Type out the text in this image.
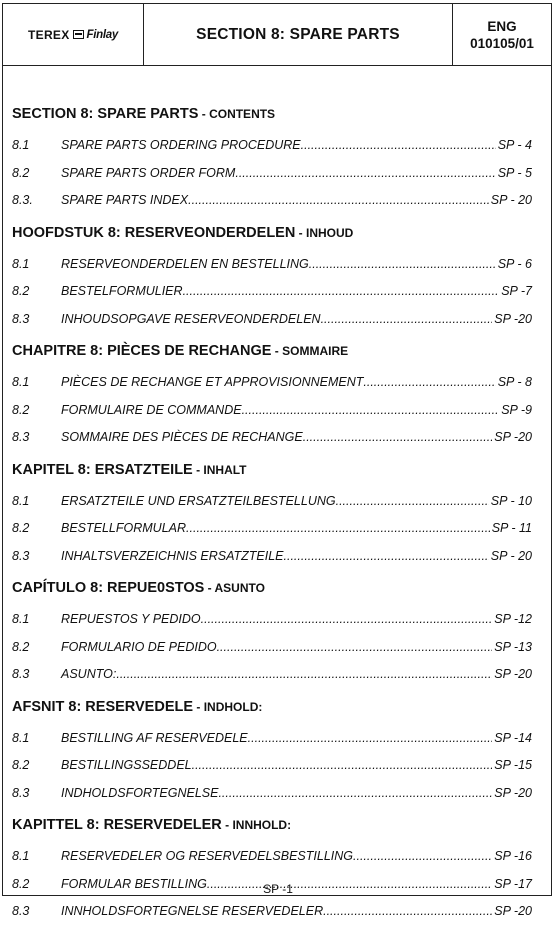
TEREX Finlay	SECTION 8: SPARE PARTS	ENG
010105/01
SECTION 8: SPARE PARTS - CONTENTS
8.1	SPARE PARTS ORDERING PROCEDURE .....	SP - 4
8.2	SPARE PARTS ORDER FORM .....	SP - 5
8.3.	SPARE PARTS INDEX .....	SP - 20
HOOFDSTUK 8: RESERVEONDERDELEN - INHOUD
8.1	RESERVEONDERDELEN EN BESTELLING .....	SP - 6
8.2	BESTELFORMULIER .....	SP -7
8.3	INHOUDSOPGAVE RESERVEONDERDELEN .....	SP -20
CHAPITRE 8: PIÈCES DE RECHANGE - SOMMAIRE
8.1	PIÈCES DE RECHANGE ET APPROVISIONNEMENT .....	SP - 8
8.2	FORMULAIRE DE COMMANDE .....	SP -9
8.3	SOMMAIRE DES PIÈCES DE RECHANGE .....	SP -20
KAPITEL 8: ERSATZTEILE - INHALT
8.1	ERSATZTEILE UND ERSATZTEILBESTELLUNG .....	SP - 10
8.2	BESTELLFORMULAR .....	SP - 11
8.3	INHALTSVERZEICHNIS ERSATZTEILE .....	SP - 20
CAPÍTULO 8: REPUE0STOS - ASUNTO
8.1	REPUESTOS Y PEDIDO .....	SP -12
8.2	FORMULARIO DE PEDIDO .....	SP -13
8.3	ASUNTO: .....	SP -20
AFSNIT 8: RESERVEDELE - INDHOLD:
8.1	BESTILLING AF RESERVEDELE .....	SP -14
8.2	BESTILLINGSSEDDEL .....	SP -15
8.3	INDHOLDSFORTEGNELSE .....	SP -20
KAPITTEL 8: RESERVEDELER - INNHOLD:
8.1	RESERVEDELER OG RESERVEDELSBESTILLING .....	SP -16
8.2	FORMULAR BESTILLING .....	SP -17
8.3	INNHOLDSFORTEGNELSE RESERVEDELER .....	SP -20
SP -1
